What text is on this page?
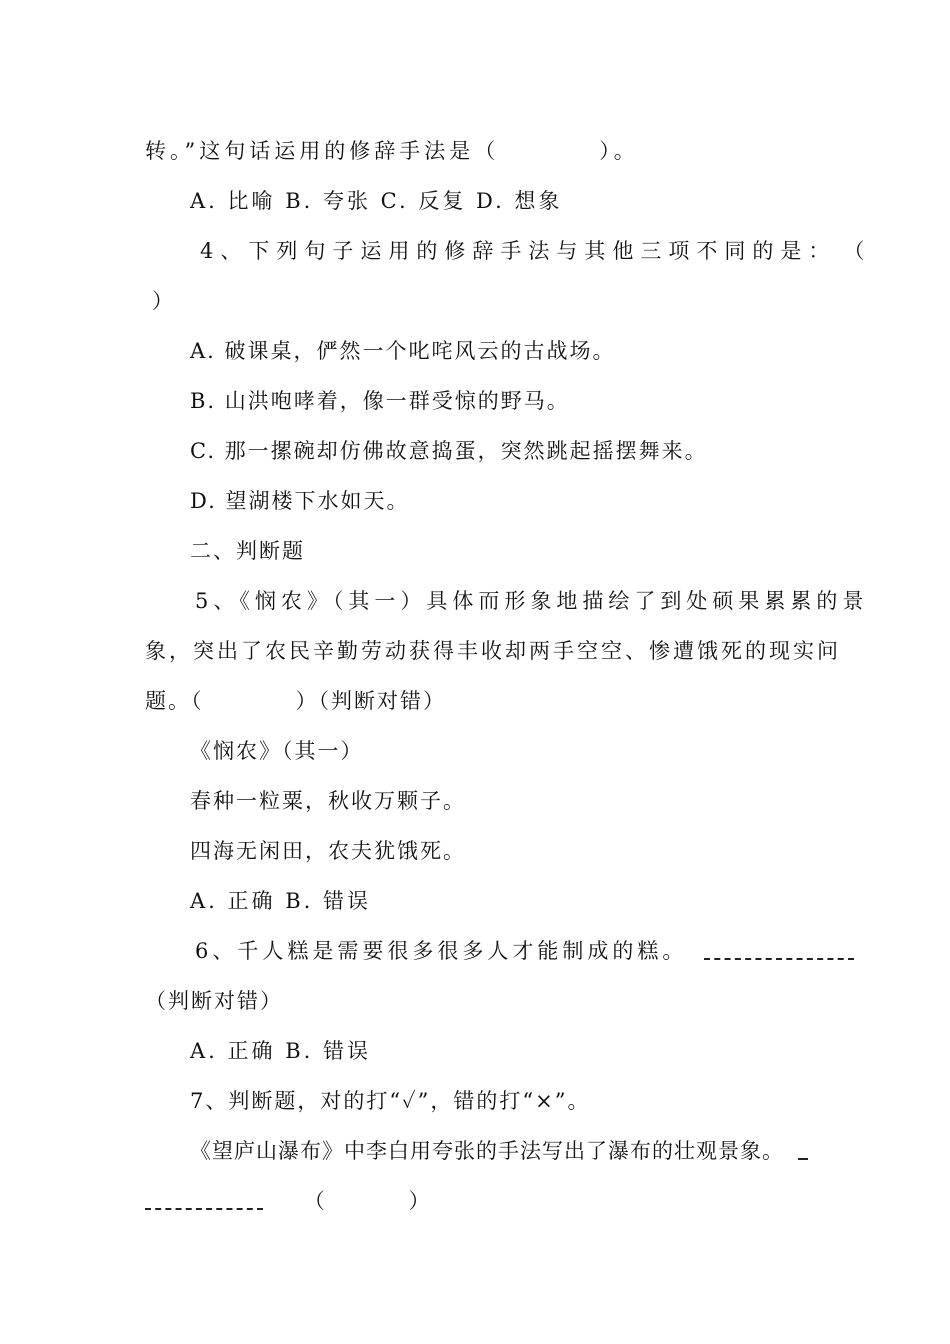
转。”这句话运用的修辞手法是（　　　　）。
A. 比喻 B. 夸张 C. 反复 D. 想象
4、下列句子运用的修辞手法与其他三项不同的是：　（
）
A. 破课桌，俨然一个叱咤风云的古战场。
B. 山洪咆哮着，像一群受惊的野马。
C. 那一摞碗却仿佛故意捣蛋，突然跳起摇摆舞来。
D. 望湖楼下水如天。
二、判断题
5、《悯农》（其一）具体而形象地描绘了到处硕果累累的景
象，突出了农民辛勤劳动获得丰收却两手空空、惨遭饿死的现实问
题。（　　　　）（判断对错）
《悯农》（其一）
春种一粒粟，秋收万颗子。
四海无闲田，农夫犹饿死。
A. 正确 B. 错误
6、千人糕是需要很多很多人才能制成的糕。
（判断对错）
A. 正确 B. 错误
7、判断题，对的打“✓”，错的打“×”。
《望庐山瀑布》中李白用夸张的手法写出了瀑布的壮观景象。
（　　　　）
